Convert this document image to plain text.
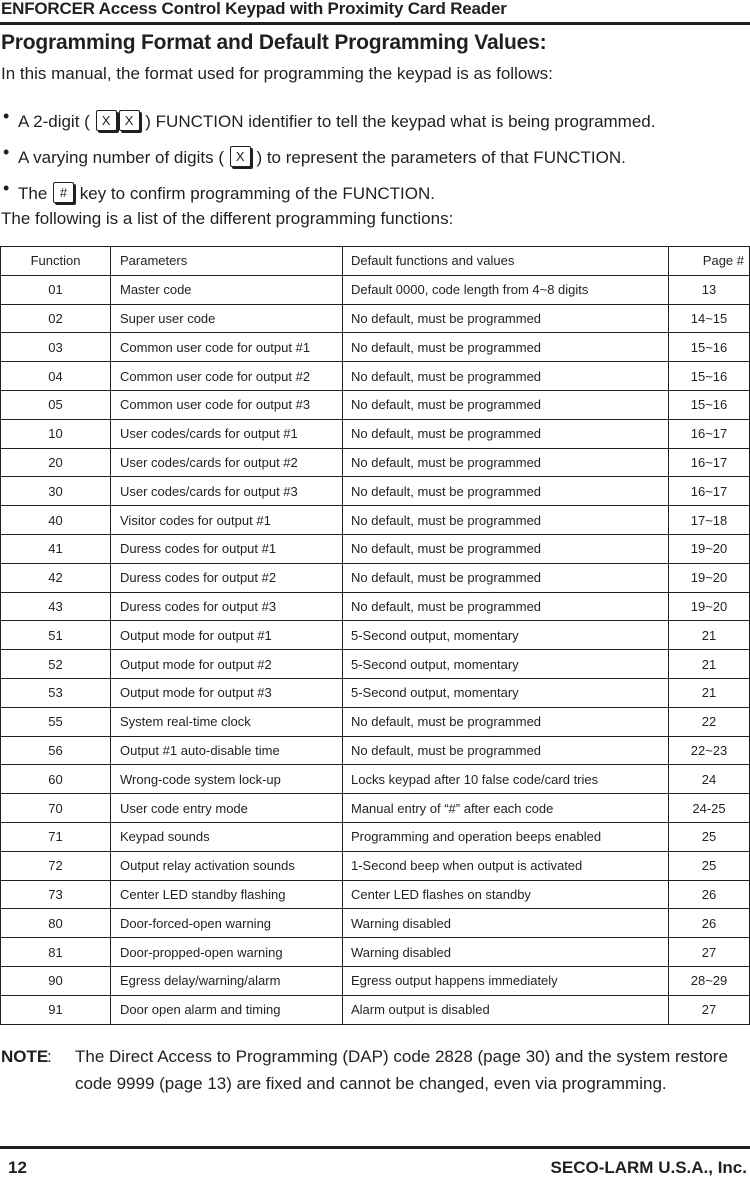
ENFORCER Access Control Keypad with Proximity Card Reader
Programming Format and Default Programming Values:
In this manual, the format used for programming the keypad is as follows:
• A 2-digit ( X	X ) FUNCTION identifier to tell the keypad what is being programmed.
• A varying number of digits ( X ) to represent the parameters of that FUNCTION.
• The # key to confirm programming of the FUNCTION.
The following is a list of the different programming functions:
Function	Parameters	Default functions and values	Page #
01	Master code	Default 0000, code length from 4~8 digits	13
02	Super user code	No default, must be programmed	14~15
03	Common user code for output #1	No default, must be programmed	15~16
04	Common user code for output #2	No default, must be programmed	15~16
05	Common user code for output #3	No default, must be programmed	15~16
10	User codes/cards for output #1	No default, must be programmed	16~17
20	User codes/cards for output #2	No default, must be programmed	16~17
30	User codes/cards for output #3	No default, must be programmed	16~17
40	Visitor codes for output #1	No default, must be programmed	17~18
41	Duress codes for output #1	No default, must be programmed	19~20
42	Duress codes for output #2	No default, must be programmed	19~20
43	Duress codes for output #3	No default, must be programmed	19~20
51	Output mode for output #1	5-Second output, momentary	21
52	Output mode for output #2	5-Second output, momentary	21
53	Output mode for output #3	5-Second output, momentary	21
55	System real-time clock	No default, must be programmed	22
56	Output #1 auto-disable time	No default, must be programmed	22~23
60	Wrong-code system lock-up	Locks keypad after 10 false code/card tries	24
70	User code entry mode	Manual entry of “#” after each code	24-25
71	Keypad sounds	Programming and operation beeps enabled	25
72	Output relay activation sounds	1-Second beep when output is activated	25
73	Center LED standby flashing	Center LED flashes on standby	26
80	Door-forced-open warning	Warning disabled	26
81	Door-propped-open warning	Warning disabled	27
90	Egress delay/warning/alarm	Egress output happens immediately	28~29
91	Door open alarm and timing	Alarm output is disabled	27
NOTE
: The Direct Access to Programming (DAP) code 2828 (page 30) and the system restore code 9999 (page 13) are fixed and cannot be changed, even via programming.
12	SECO-LARM U.S.A., Inc.
